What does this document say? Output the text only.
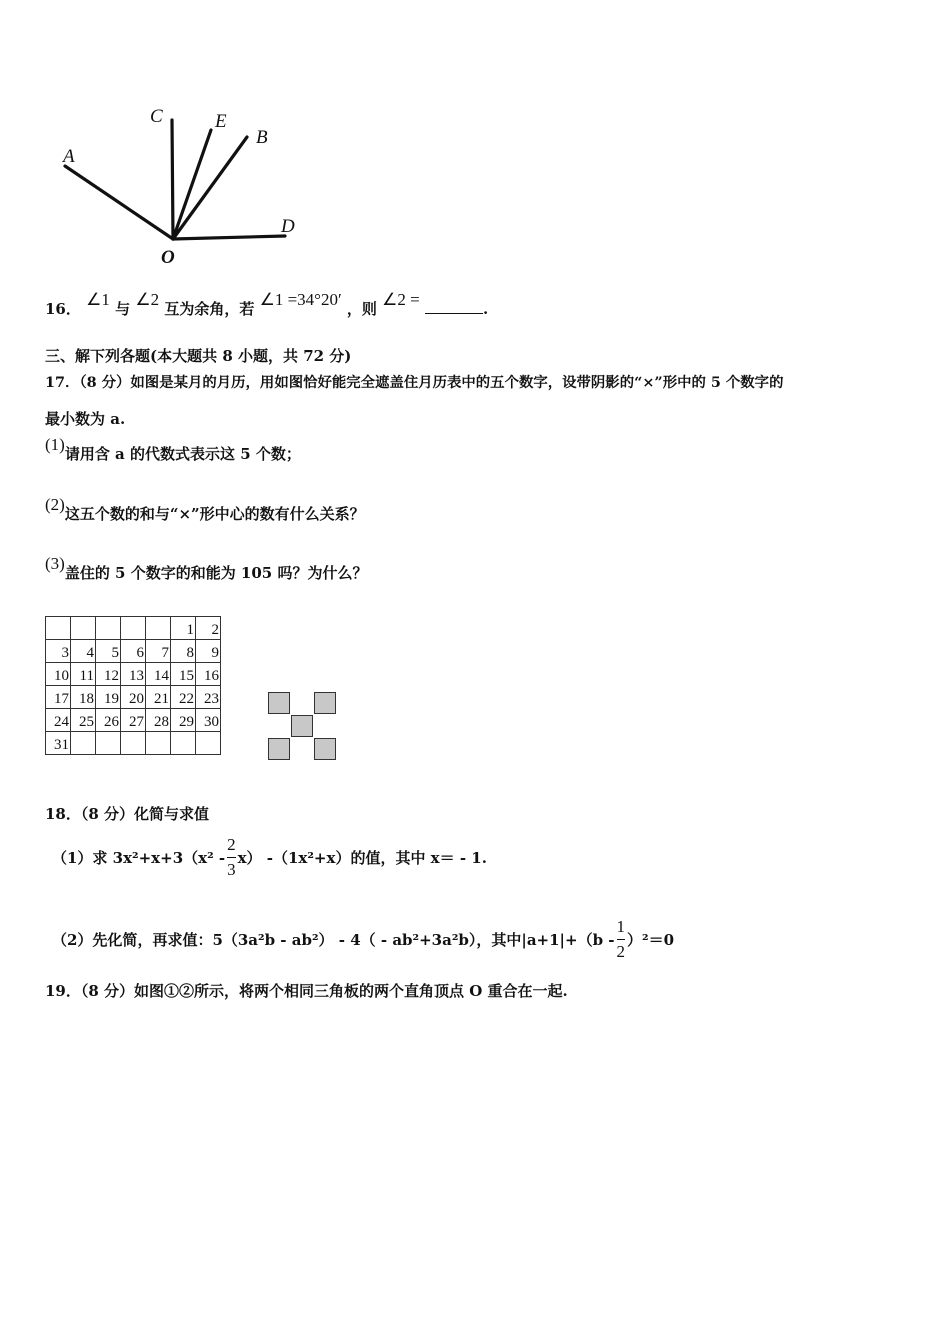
A
C	E
B
D
O
16． ∠1 与 ∠2 互为余角，若 ∠1 =34°20′ ，则 ∠2 =	.
三、解下列各题(本大题共 8 小题，共 72 分)
17．（8 分）如图是某月的月历，用如图恰好能完全遮盖住月历表中的五个数字，设带阴影的“×”形中的 5 个数字的
最小数为 a.
(1)请用含 a 的代数式表示这 5 个数；
(2)这五个数的和与“×”形中心的数有什么关系？
(3)盖住的 5 个数字的和能为 105 吗？为什么？
					1	2
3	4	5	6	7	8	9
10	11	12	13	14	15	16
17	18	19	20	21	22	23
24	25	26	27	28	29	30
31						
18．（8 分）化简与求值
（1）求 $3x^2+x+3(x^2 - \frac{2}{3} x)$ -（1x²+x）的值，其中 x＝ - 1.
（2）先化简，再求值：5（3a²b - ab²） - 4（ - ab²+3a²b），其中$|a+1|+(b - \frac{1}{2} )^2=0$
19．（8 分）如图①②所示，将两个相同三角板的两个直角顶点 O 重合在一起.
